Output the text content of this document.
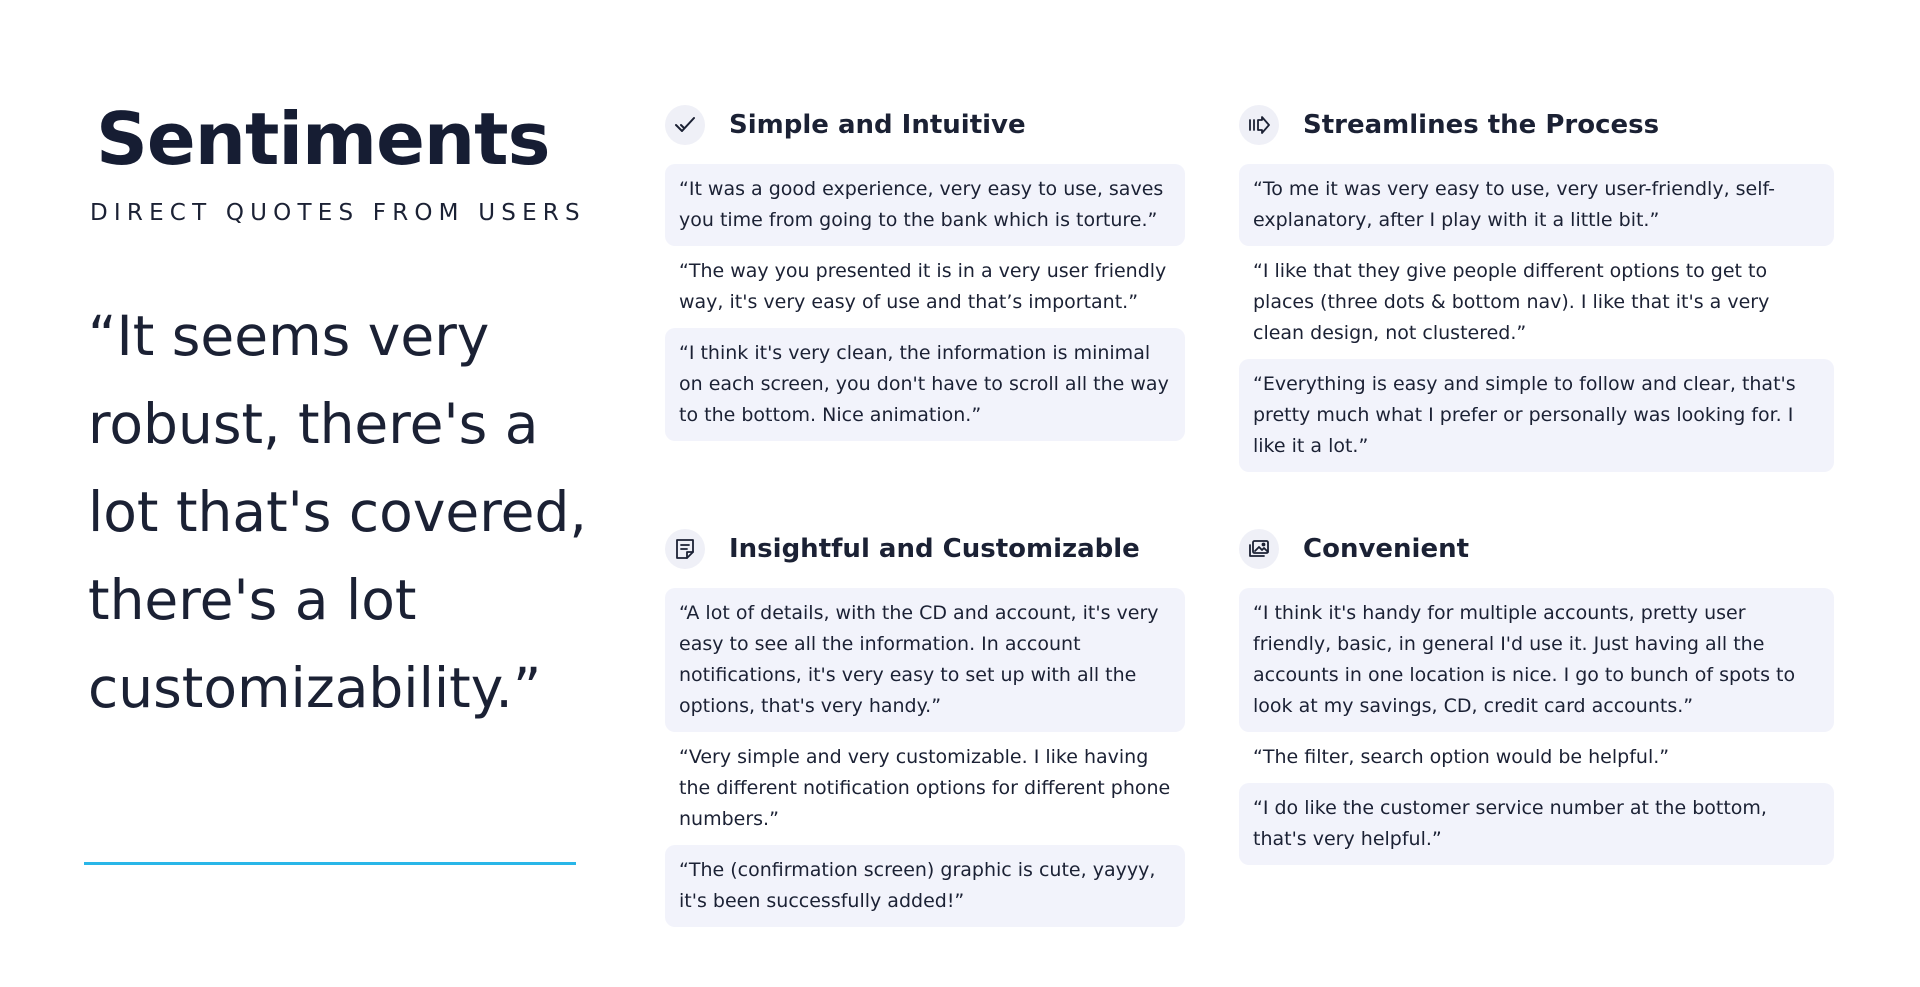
Sentiments

DIRECT QUOTES FROM USERS

“It seems very robust, there's a lot that's covered, there's a lot customizability.”

Simple and Intuitive
“It was a good experience, very easy to use, saves you time from going to the bank which is torture.”
“The way you presented it is in a very user friendly way, it's very easy of use and that’s important.”
“I think it's very clean, the information is minimal on each screen, you don't have to scroll all the way to the bottom. Nice animation.”
Streamlines the Process
“To me it was very easy to use, very user-friendly, self-explanatory, after I play with it a little bit.”
“I like that they give people different options to get to places (three dots & bottom nav). I like that it's a very clean design, not clustered.”
“Everything is easy and simple to follow and clear, that's pretty much what I prefer or personally was looking for. I like it a lot.”
Insightful and Customizable
“A lot of details, with the CD and account, it's very easy to see all the information. In account notifications, it's very easy to set up with all the options, that's very handy.”
“Very simple and very customizable. I like having the different notification options for different phone numbers.”
“The (confirmation screen) graphic is cute, yayyy, it's been successfully added!”
Convenient
“I think it's handy for multiple accounts, pretty user friendly, basic, in general I'd use it. Just having all the accounts in one location is nice. I go to bunch of spots to look at my savings, CD, credit card accounts.”
“The filter, search option would be helpful.”
“I do like the customer service number at the bottom, that's very helpful.”
